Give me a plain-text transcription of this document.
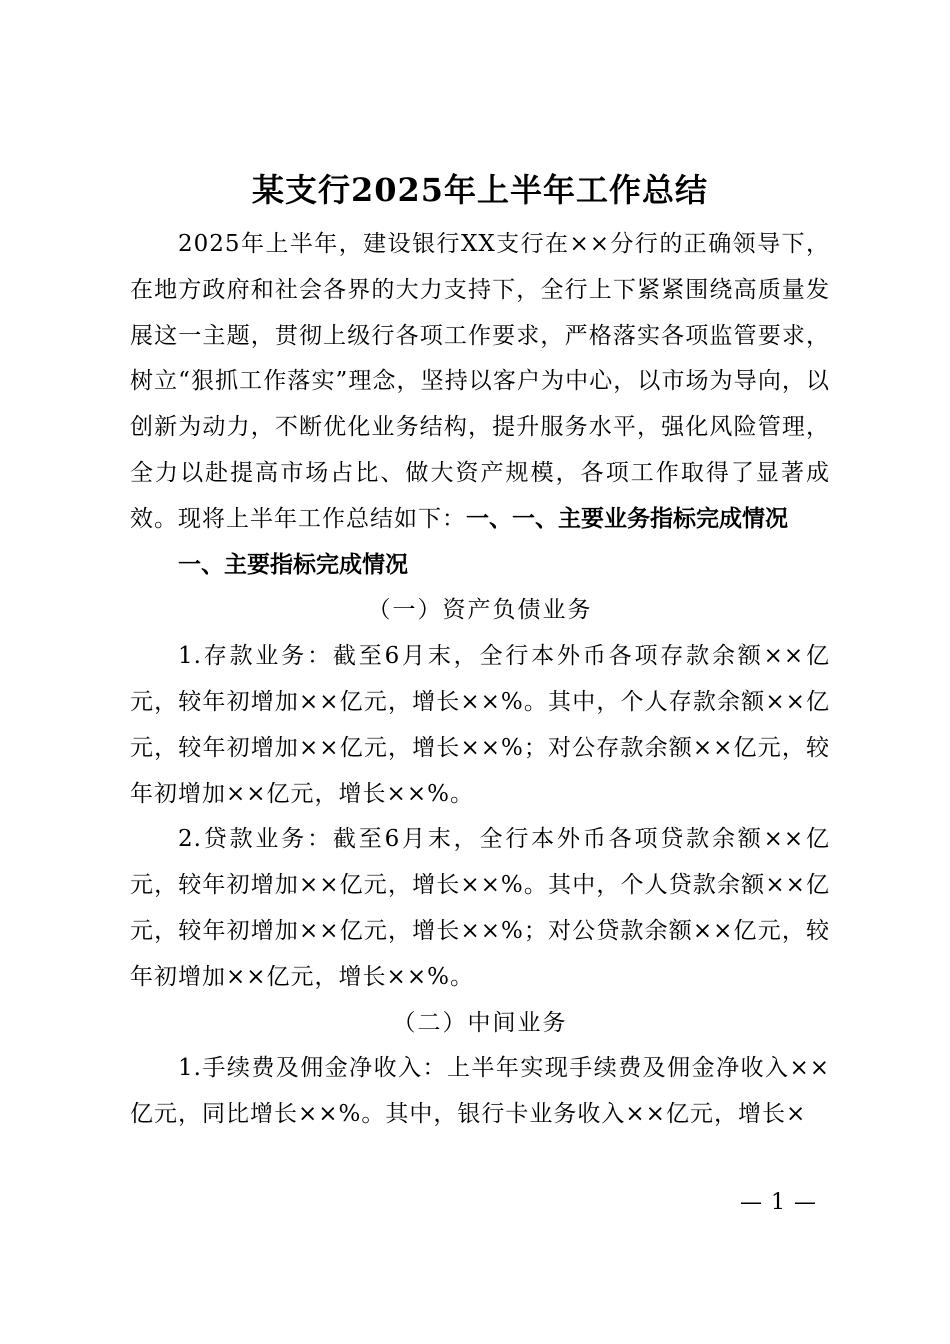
某支行2025年上半年工作总结

2025年上半年，建设银行XX支行在××分行的正确领导下，在地方政府和社会各界的大力支持下，全行上下紧紧围绕高质量发展这一主题，贯彻上级行各项工作要求，严格落实各项监管要求，树立“狠抓工作落实”理念，坚持以客户为中心，以市场为导向，以创新为动力，不断优化业务结构，提升服务水平，强化风险管理，全力以赴提高市场占比、做大资产规模，各项工作取得了显著成效。现将上半年工作总结如下：一、一、主要业务指标完成情况

一、主要指标完成情况

（一）资产负债业务

1.存款业务：截至6月末，全行本外币各项存款余额××亿元，较年初增加××亿元，增长××%。其中，个人存款余额××亿元，较年初增加××亿元，增长××%；对公存款余额××亿元，较年初增加××亿元，增长××%。

2.贷款业务：截至6月末，全行本外币各项贷款余额××亿元，较年初增加××亿元，增长××%。其中，个人贷款余额××亿元，较年初增加××亿元，增长××%；对公贷款余额××亿元，较年初增加××亿元，增长××%。

（二）中间业务

1.手续费及佣金净收入：上半年实现手续费及佣金净收入××亿元，同比增长××%。其中，银行卡业务收入××亿元，增长×

— 1 —
